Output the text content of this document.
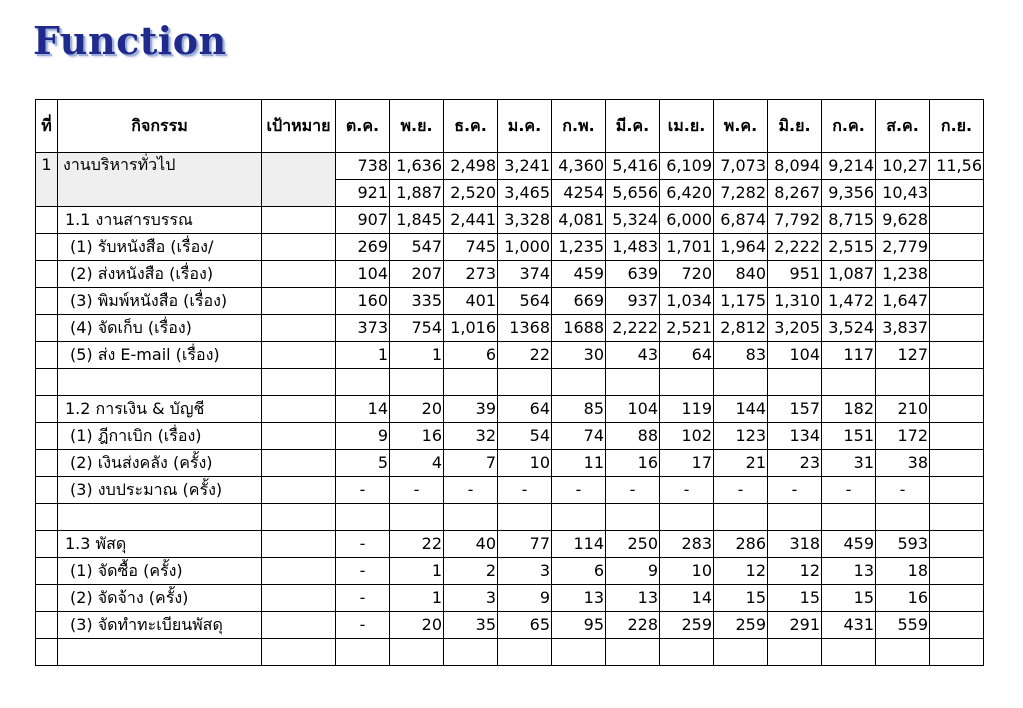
Function
ที่	กิจกรรม	เป้าหมาย	ต.ค.	พ.ย.	ธ.ค.	ม.ค.	ก.พ.	มี.ค.	เม.ย.	พ.ค.	มิ.ย.	ก.ค.	ส.ค.	ก.ย.
1	งานบริหารทั่วไป		738	1,636	2,498	3,241	4,360	5,416	6,109	7,073	8,094	9,214	10,27	11,56
			921	1,887	2,520	3,465	4254	5,656	6,420	7,282	8,267	9,356	10,43	
	1.1 งานสารบรรณ		907	1,845	2,441	3,328	4,081	5,324	6,000	6,874	7,792	8,715	9,628	
	(1) รับหนังสือ (เรื่อง/		269	547	745	1,000	1,235	1,483	1,701	1,964	2,222	2,515	2,779	
	(2) ส่งหนังสือ (เรื่อง)		104	207	273	374	459	639	720	840	951	1,087	1,238	
	(3) พิมพ์หนังสือ (เรื่อง)		160	335	401	564	669	937	1,034	1,175	1,310	1,472	1,647	
	(4) จัดเก็บ (เรื่อง)		373	754	1,016	1368	1688	2,222	2,521	2,812	3,205	3,524	3,837	
	(5) ส่ง E-mail (เรื่อง)		1	1	6	22	30	43	64	83	104	117	127	

	1.2 การเงิน & บัญชี		14	20	39	64	85	104	119	144	157	182	210	
	(1) ฎีกาเบิก (เรื่อง)		9	16	32	54	74	88	102	123	134	151	172	
	(2) เงินส่งคลัง (ครั้ง)		5	4	7	10	11	16	17	21	23	31	38	
	(3) งบประมาณ (ครั้ง)		-	-	-	-	-	-	-	-	-	-	-	

	1.3 พัสดุ		-	22	40	77	114	250	283	286	318	459	593	
	(1) จัดซื้อ (ครั้ง)		-	1	2	3	6	9	10	12	12	13	18	
	(2) จัดจ้าง (ครั้ง)		-	1	3	9	13	13	14	15	15	15	16	
	(3) จัดทำทะเบียนพัสดุ		-	20	35	65	95	228	259	259	291	431	559	
